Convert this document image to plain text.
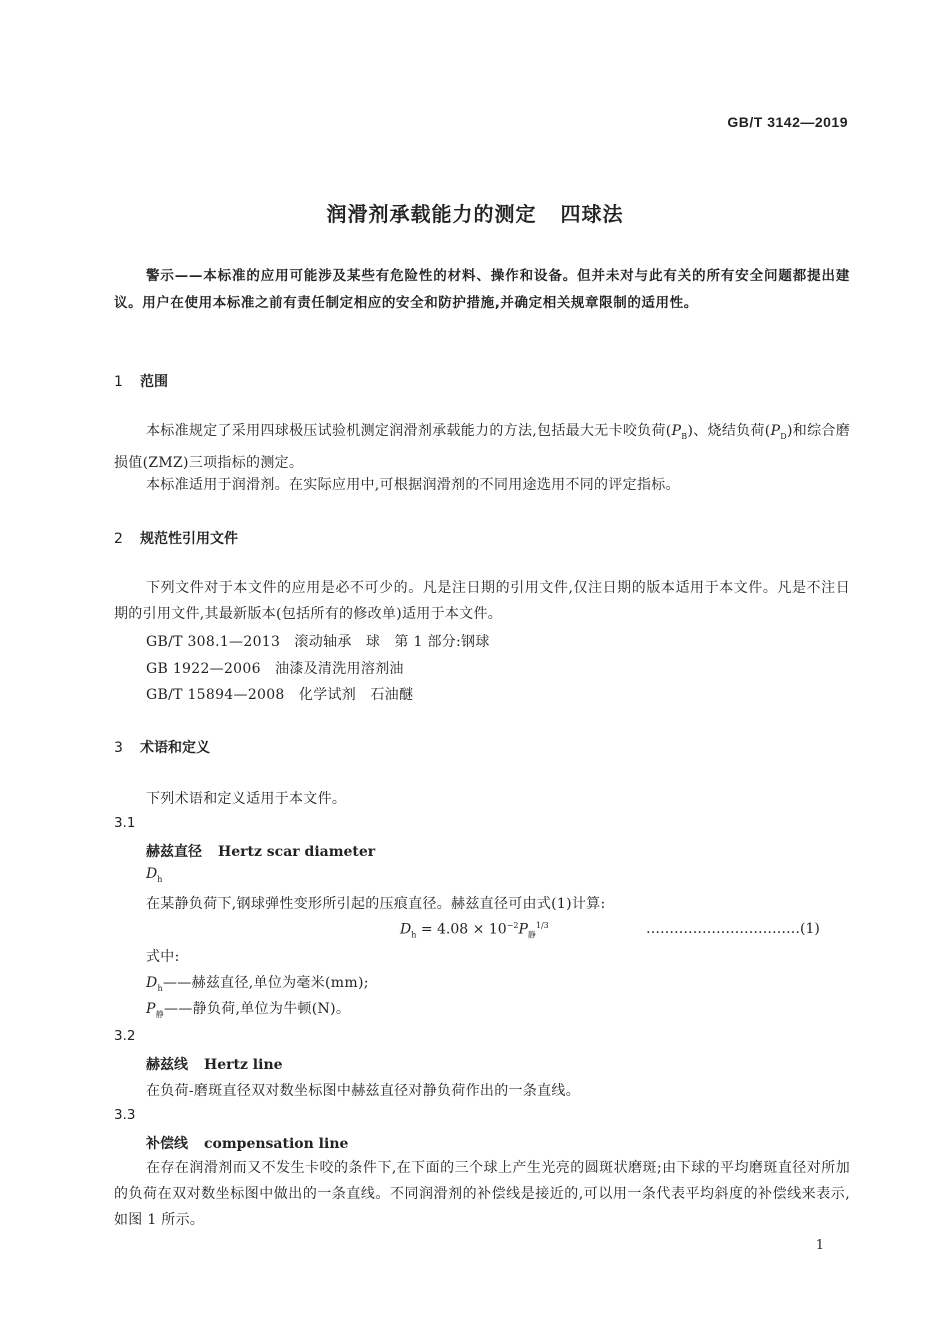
GB/T 3142—2019
润滑剂承载能力的测定 四球法
警示——本标准的应用可能涉及某些有危险性的材料、操作和设备。但并未对与此有关的所有安全问题都提出建议。用户在使用本标准之前有责任制定相应的安全和防护措施,并确定相关规章限制的适用性。
1 范围
本标准规定了采用四球极压试验机测定润滑剂承载能力的方法,包括最大无卡咬负荷$(P_B)$、烧结负荷$(P_D)$和综合磨损值(ZMZ)三项指标的测定。
本标准适用于润滑剂。在实际应用中,可根据润滑剂的不同用途选用不同的评定指标。
2 规范性引用文件
下列文件对于本文件的应用是必不可少的。凡是注日期的引用文件,仅注日期的版本适用于本文件。凡是不注日期的引用文件,其最新版本(包括所有的修改单)适用于本文件。
GB/T 308.1—2013   滚动轴承   球   第 1 部分:钢球
GB 1922—2006   油漆及清洗用溶剂油
GB/T 15894—2008   化学试剂   石油醚
3 术语和定义
下列术语和定义适用于本文件。
3.1
赫兹直径 Hertz scar diameter
$D_h$
在某静负荷下,钢球弹性变形所引起的压痕直径。赫兹直径可由式(1)计算:
$D_h = 4.08 \times 10^{-2}P_静^{1/3}$	……………………………(1)
式中:
$D_h——$赫兹直径,单位为毫米(mm);
$P_静——$静负荷,单位为牛顿(N)。
3.2
赫兹线 Hertz line
在负荷-磨斑直径双对数坐标图中赫兹直径对静负荷作出的一条直线。
3.3
补偿线 compensation line
在存在润滑剂而又不发生卡咬的条件下,在下面的三个球上产生光亮的圆斑状磨斑;由下球的平均磨斑直径对所加的负荷在双对数坐标图中做出的一条直线。不同润滑剂的补偿线是接近的,可以用一条代表平均斜度的补偿线来表示,如图 1 所示。
1
